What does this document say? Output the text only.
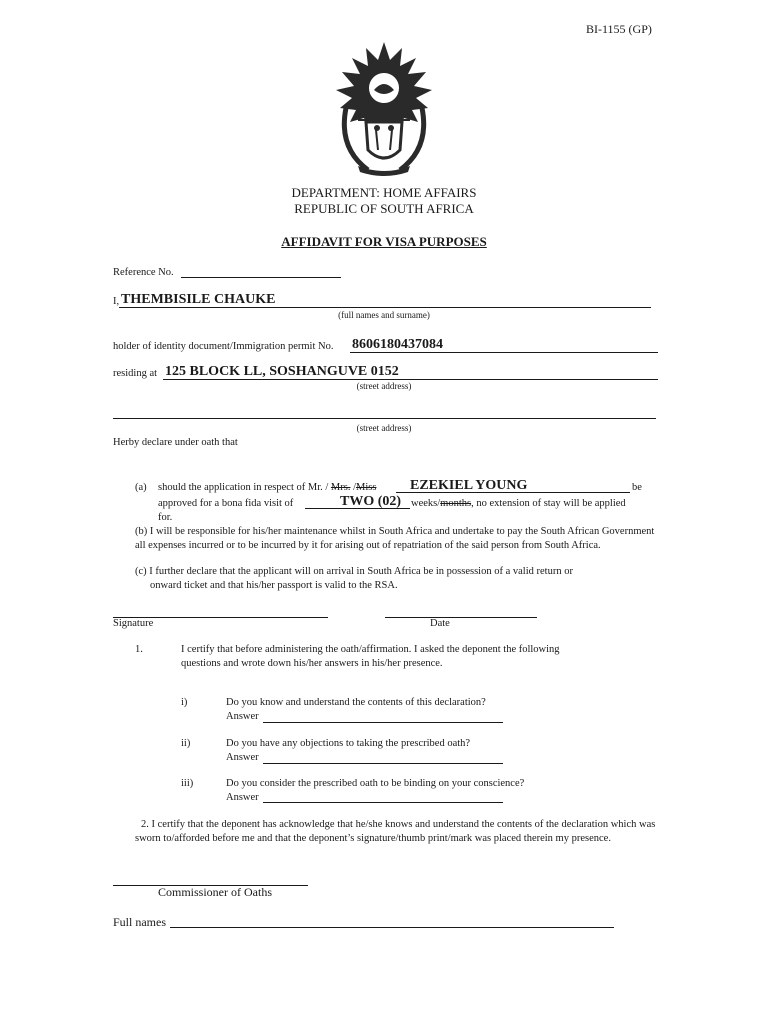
BI-1155 (GP)
DEPARTMENT: HOME AFFAIRS
REPUBLIC OF SOUTH AFRICA
AFFIDAVIT FOR VISA PURPOSES
Reference No.
I, THEMBISILE CHAUKE
(full names and surname)
holder of identity document/Immigration permit No. 8606180437084
residing at 125 BLOCK LL, SOSHANGUVE 0152
(street address)
(street address)
Herby declare under oath that
(a) should the application in respect of Mr. / Mrs. /Miss EZEKIEL YOUNG	be
approved for a bona fida visit of	TWO (02) weeks/months, no extension of stay will be applied
for.
(b) I will be responsible for his/her maintenance whilst in South Africa and undertake to pay the South African Government all expenses incurred or to be incurred by it for arising out of repatriation of the said person from South Africa.
(c) I further declare that the applicant will on arrival in South Africa be in possession of a valid return or
onward ticket and that his/her passport is valid to the RSA.
Signature	Date
1.	I certify that before administering the oath/affirmation. I asked the deponent the following
questions and wrote down his/her answers in his/her presence.
i)	Do you know and understand the contents of this declaration?
Answer
ii)	Do you have any objections to taking the prescribed oath?
Answer
iii)	Do you consider the prescribed oath to be binding on your conscience?
Answer
2. I certify that the deponent has acknowledge that he/she knows and understand the contents of the declaration which was sworn to/afforded before me and that the deponent’s signature/thumb print/mark was placed therein my presence.
Commissioner of Oaths
Full names
